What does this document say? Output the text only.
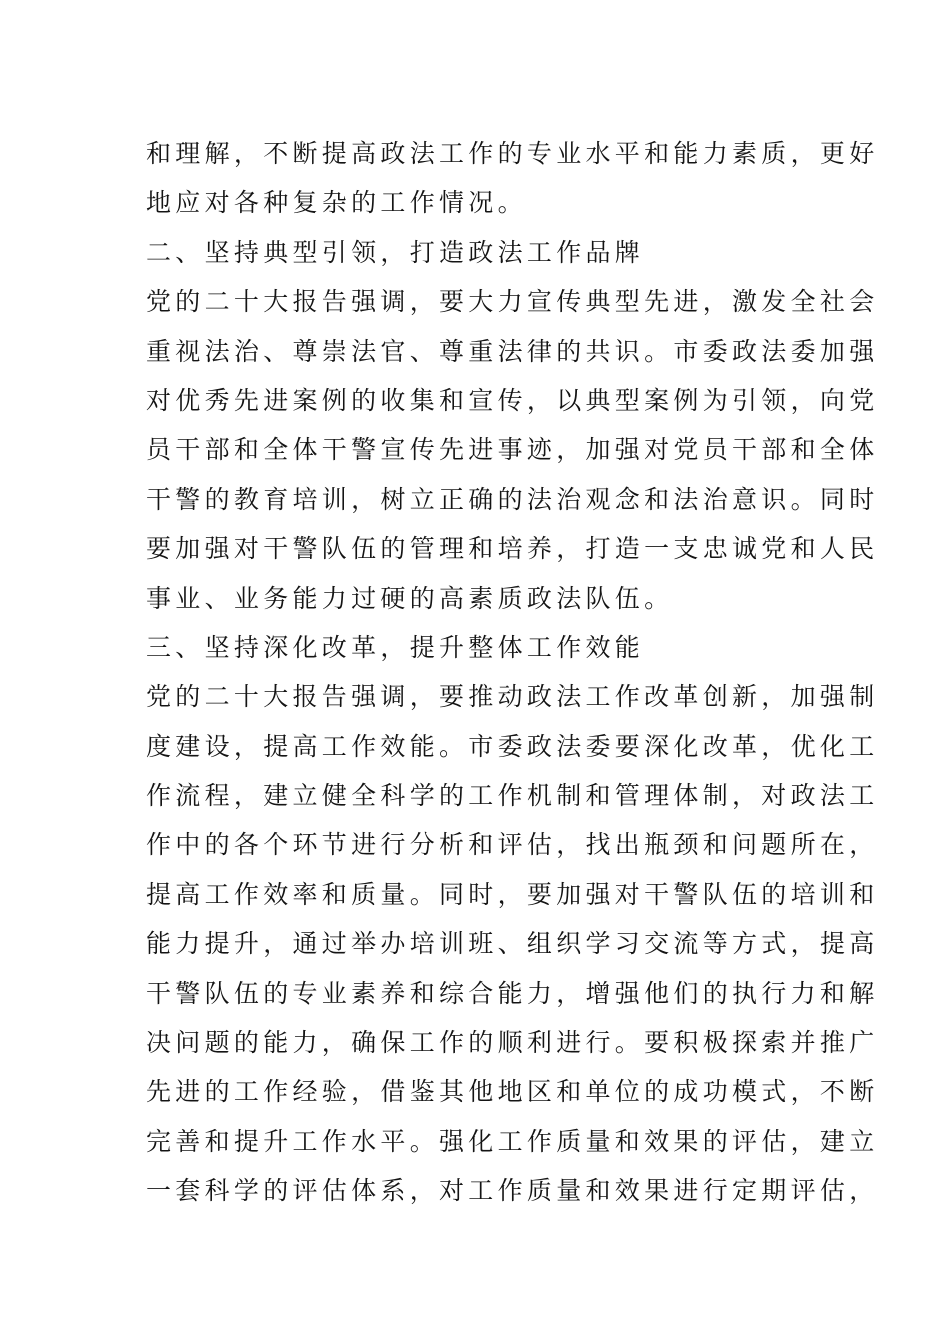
和理解，不断提高政法工作的专业水平和能力素质，更好
地应对各种复杂的工作情况。
二、坚持典型引领，打造政法工作品牌
党的二十大报告强调，要大力宣传典型先进，激发全社会
重视法治、尊崇法官、尊重法律的共识。市委政法委加强
对优秀先进案例的收集和宣传，以典型案例为引领，向党
员干部和全体干警宣传先进事迹，加强对党员干部和全体
干警的教育培训，树立正确的法治观念和法治意识。同时
要加强对干警队伍的管理和培养，打造一支忠诚党和人民
事业、业务能力过硬的高素质政法队伍。
三、坚持深化改革，提升整体工作效能
党的二十大报告强调，要推动政法工作改革创新，加强制
度建设，提高工作效能。市委政法委要深化改革，优化工
作流程，建立健全科学的工作机制和管理体制，对政法工
作中的各个环节进行分析和评估，找出瓶颈和问题所在，
提高工作效率和质量。同时，要加强对干警队伍的培训和
能力提升，通过举办培训班、组织学习交流等方式，提高
干警队伍的专业素养和综合能力，增强他们的执行力和解
决问题的能力，确保工作的顺利进行。要积极探索并推广
先进的工作经验，借鉴其他地区和单位的成功模式，不断
完善和提升工作水平。强化工作质量和效果的评估，建立
一套科学的评估体系，对工作质量和效果进行定期评估，
